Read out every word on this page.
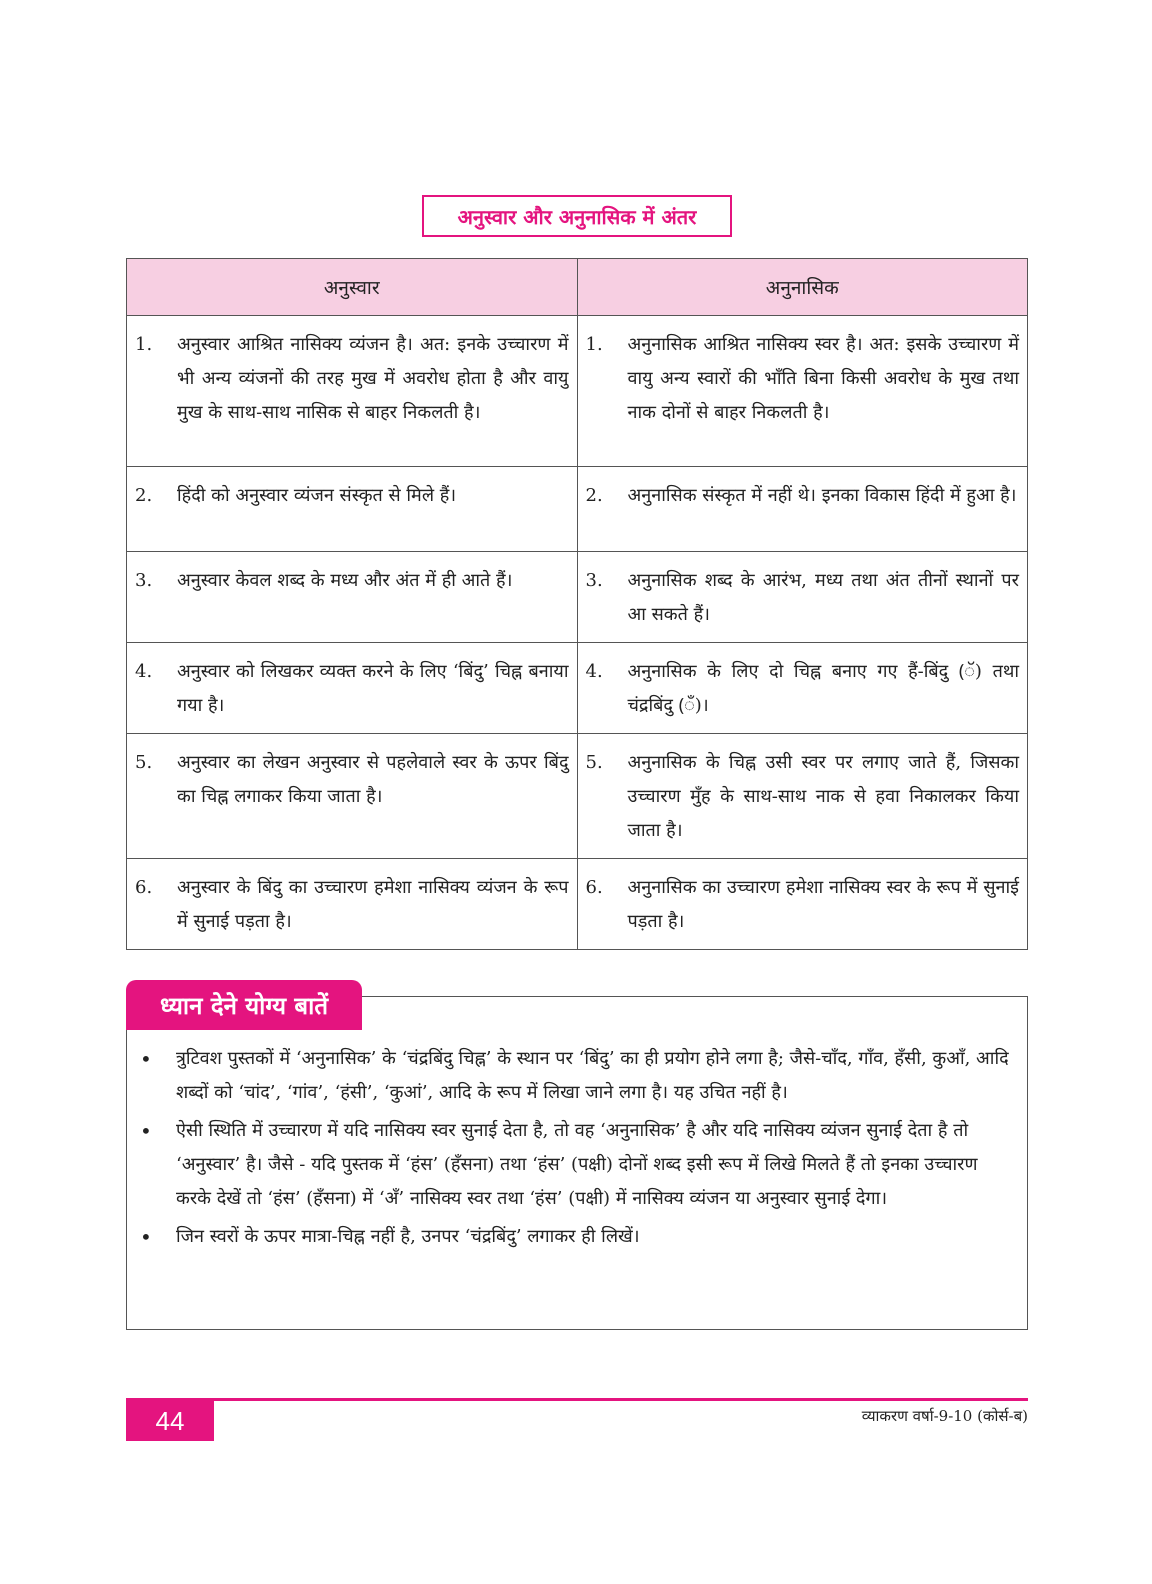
अनुस्वार और अनुनासिक में अंतर
अनुस्वार	अनुनासिक

1. अनुस्वार आश्रित नासिक्य व्यंजन है। अत: इनके उच्चारण में भी अन्य व्यंजनों की तरह मुख में अवरोध होता है और वायु मुख के साथ-साथ नासिक से बाहर निकलती है।	1. अनुनासिक आश्रित नासिक्य स्वर है। अत: इसके उच्चारण में वायु अन्य स्वारों की भाँति बिना किसी अवरोध के मुख तथा नाक दोनों से बाहर निकलती है।

2. हिंदी को अनुस्वार व्यंजन संस्कृत से मिले हैं।	2. अनुनासिक संस्कृत में नहीं थे। इनका विकास हिंदी में हुआ है।

3. अनुस्वार केवल शब्द के मध्य और अंत में ही आते हैं।	3. अनुनासिक शब्द के आरंभ, मध्य तथा अंत तीनों स्थानों पर आ सकते हैं।

4. अनुस्वार को लिखकर व्यक्त करने के लिए ‘बिंदु’ चिह्न बनाया गया है।	4. अनुनासिक के लिए दो चिह्न बनाए गए हैं-बिंदु (ॅ) तथा चंद्रबिंदु (ँ)।

5. अनुस्वार का लेखन अनुस्वार से पहलेवाले स्वर के ऊपर बिंदु का चिह्न लगाकर किया जाता है।	5. अनुनासिक के चिह्न उसी स्वर पर लगाए जाते हैं, जिसका उच्चारण मुँह के साथ-साथ नाक से हवा निकालकर किया जाता है।

6. अनुस्वार के बिंदु का उच्चारण हमेशा नासिक्य व्यंजन के रूप में सुनाई पड़ता है।	6. अनुनासिक का उच्चारण हमेशा नासिक्य स्वर के रूप में सुनाई पड़ता है।
ध्यान देने योग्य बातें
•	त्रुटिवश पुस्तकों में ‘अनुनासिक’ के ‘चंद्रबिंदु चिह्न’ के स्थान पर ‘बिंदु’ का ही प्रयोग होने लगा है; जैसे-चाँद, गाँव, हँसी, कुआँ, आदि शब्दों को ‘चांद’, ‘गांव’, ‘हंसी’, ‘कुआं’, आदि के रूप में लिखा जाने लगा है। यह उचित नहीं है।
•	ऐसी स्थिति में उच्चारण में यदि नासिक्य स्वर सुनाई देता है, तो वह ‘अनुनासिक’ है और यदि नासिक्य व्यंजन सुनाई देता है तो ‘अनुस्वार’ है। जैसे - यदि पुस्तक में ‘हंस’ (हँसना) तथा ‘हंस’ (पक्षी) दोनों शब्द इसी रूप में लिखे मिलते हैं तो इनका उच्चारण करके देखें तो ‘हंस’ (हँसना) में ‘अँ’ नासिक्य स्वर तथा ‘हंस’ (पक्षी) में नासिक्य व्यंजन या अनुस्वार सुनाई देगा।
•	जिन स्वरों के ऊपर मात्रा-चिह्न नहीं है, उनपर ‘चंद्रबिंदु’ लगाकर ही लिखें।
44	व्याकरण वर्षा-9-10 (कोर्स-ब)
